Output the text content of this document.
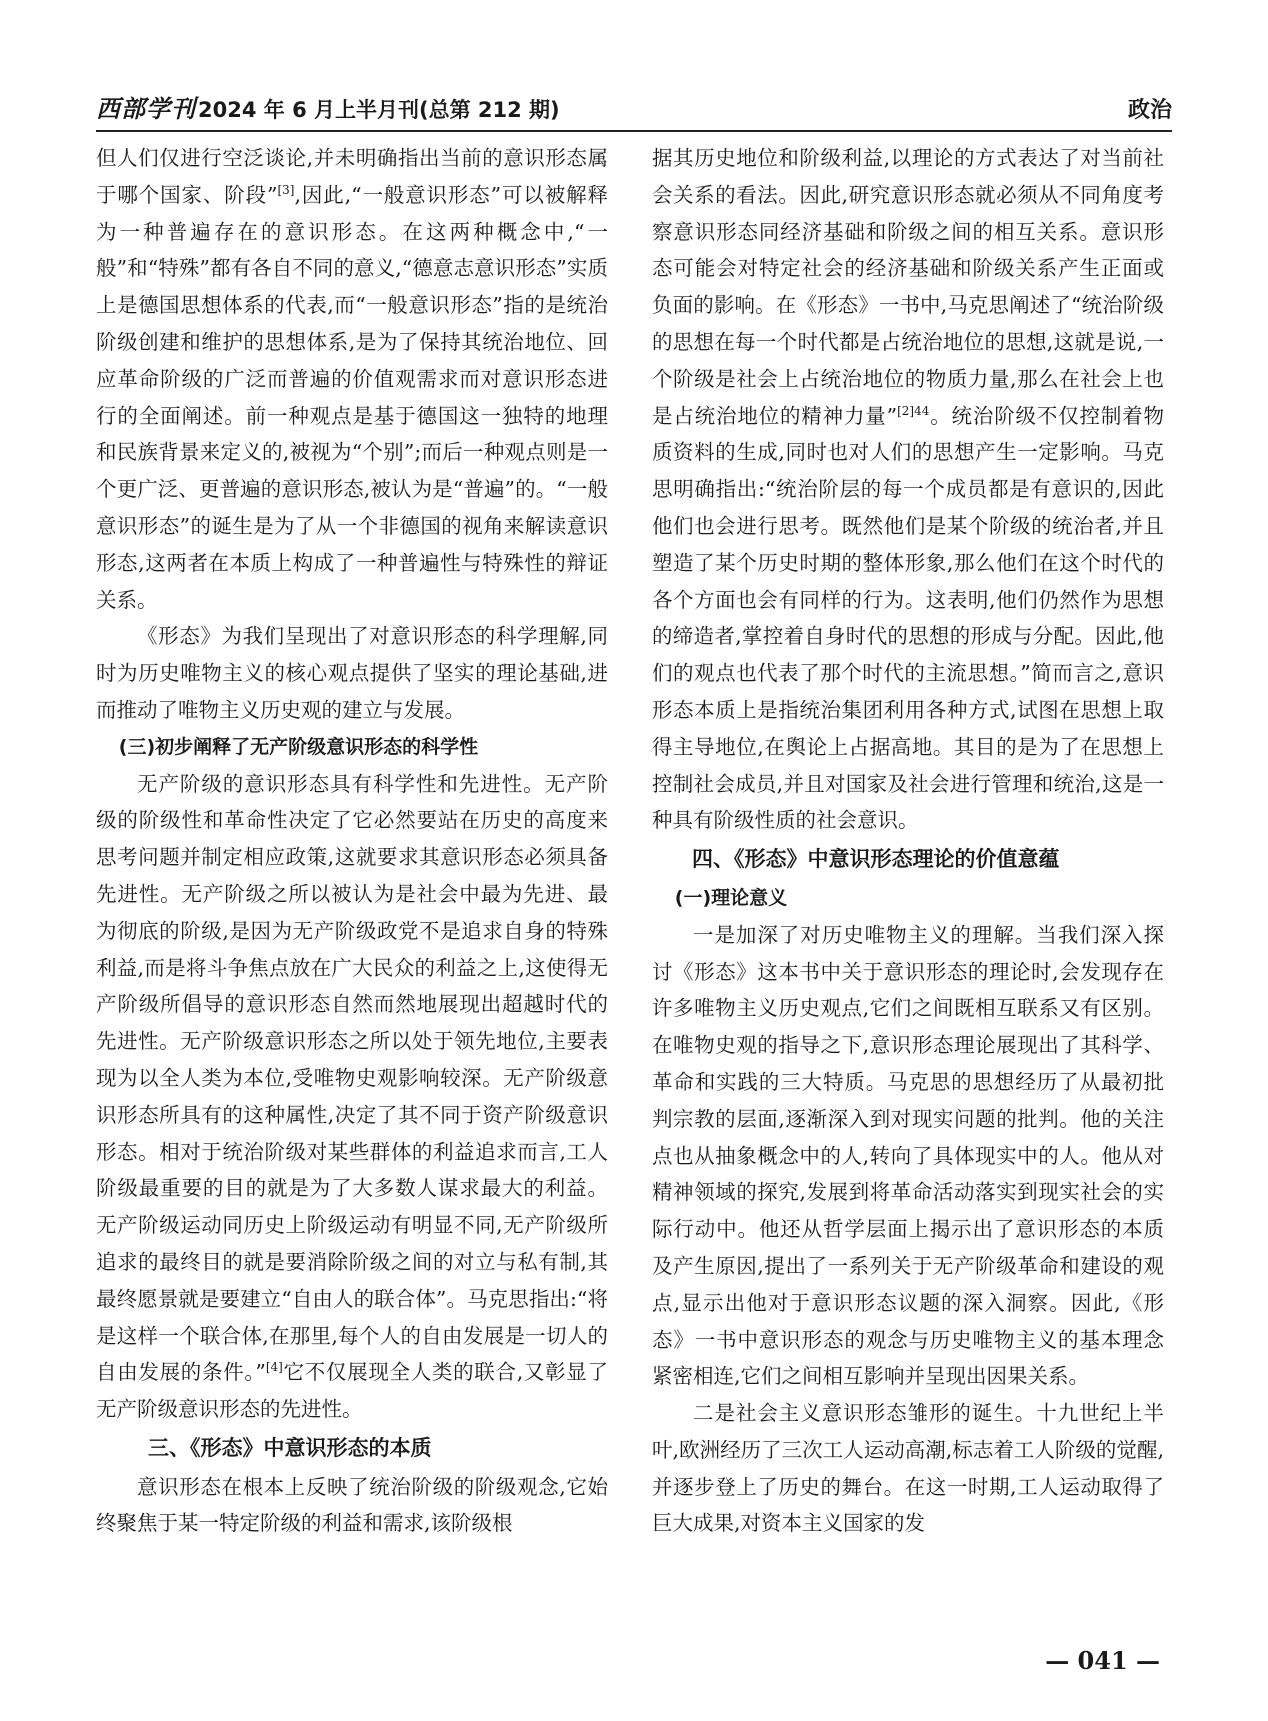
西部学刊 2024 年 6 月上半月刊(总第 212 期)	政治

但人们仅进行空泛谈论,并未明确指出当前的意识形态属于哪个国家、阶段”[3],因此,“一般意识形态”可以被解释为一种普遍存在的意识形态。在这两种概念中,“一般”和“特殊”都有各自不同的意义,“德意志意识形态”实质上是德国思想体系的代表,而“一般意识形态”指的是统治阶级创建和维护的思想体系,是为了保持其统治地位、回应革命阶级的广泛而普遍的价值观需求而对意识形态进行的全面阐述。前一种观点是基于德国这一独特的地理和民族背景来定义的,被视为“个别”;而后一种观点则是一个更广泛、更普遍的意识形态,被认为是“普遍”的。“一般意识形态”的诞生是为了从一个非德国的视角来解读意识形态,这两者在本质上构成了一种普遍性与特殊性的辩证关系。

《形态》为我们呈现出了对意识形态的科学理解,同时为历史唯物主义的核心观点提供了坚实的理论基础,进而推动了唯物主义历史观的建立与发展。

(三)初步阐释了无产阶级意识形态的科学性

无产阶级的意识形态具有科学性和先进性。无产阶级的阶级性和革命性决定了它必然要站在历史的高度来思考问题并制定相应政策,这就要求其意识形态必须具备先进性。无产阶级之所以被认为是社会中最为先进、最为彻底的阶级,是因为无产阶级政党不是追求自身的特殊利益,而是将斗争焦点放在广大民众的利益之上,这使得无产阶级所倡导的意识形态自然而然地展现出超越时代的先进性。无产阶级意识形态之所以处于领先地位,主要表现为以全人类为本位,受唯物史观影响较深。无产阶级意识形态所具有的这种属性,决定了其不同于资产阶级意识形态。相对于统治阶级对某些群体的利益追求而言,工人阶级最重要的目的就是为了大多数人谋求最大的利益。无产阶级运动同历史上阶级运动有明显不同,无产阶级所追求的最终目的就是要消除阶级之间的对立与私有制,其最终愿景就是要建立“自由人的联合体”。马克思指出:“将是这样一个联合体,在那里,每个人的自由发展是一切人的自由发展的条件。”[4]它不仅展现全人类的联合,又彰显了无产阶级意识形态的先进性。

三、《形态》中意识形态的本质

意识形态在根本上反映了统治阶级的阶级观念,它始终聚焦于某一特定阶级的利益和需求,该阶级根

据其历史地位和阶级利益,以理论的方式表达了对当前社会关系的看法。因此,研究意识形态就必须从不同角度考察意识形态同经济基础和阶级之间的相互关系。意识形态可能会对特定社会的经济基础和阶级关系产生正面或负面的影响。在《形态》一书中,马克思阐述了“统治阶级的思想在每一个时代都是占统治地位的思想,这就是说,一个阶级是社会上占统治地位的物质力量,那么在社会上也是占统治地位的精神力量”$^{[2]44}$。统治阶级不仅控制着物质资料的生成,同时也对人们的思想产生一定影响。马克思明确指出:“统治阶层的每一个成员都是有意识的,因此他们也会进行思考。既然他们是某个阶级的统治者,并且塑造了某个历史时期的整体形象,那么他们在这个时代的各个方面也会有同样的行为。这表明,他们仍然作为思想的缔造者,掌控着自身时代的思想的形成与分配。因此,他们的观点也代表了那个时代的主流思想。”简而言之,意识形态本质上是指统治集团利用各种方式,试图在思想上取得主导地位,在舆论上占据高地。其目的是为了在思想上控制社会成员,并且对国家及社会进行管理和统治,这是一种具有阶级性质的社会意识。

四、《形态》中意识形态理论的价值意蕴
(一)理论意义

一是加深了对历史唯物主义的理解。当我们深入探讨《形态》这本书中关于意识形态的理论时,会发现存在许多唯物主义历史观点,它们之间既相互联系又有区别。在唯物史观的指导之下,意识形态理论展现出了其科学、革命和实践的三大特质。马克思的思想经历了从最初批判宗教的层面,逐渐深入到对现实问题的批判。他的关注点也从抽象概念中的人,转向了具体现实中的人。他从对精神领域的探究,发展到将革命活动落实到现实社会的实际行动中。他还从哲学层面上揭示出了意识形态的本质及产生原因,提出了一系列关于无产阶级革命和建设的观点,显示出他对于意识形态议题的深入洞察。因此,《形态》一书中意识形态的观念与历史唯物主义的基本理念紧密相连,它们之间相互影响并呈现出因果关系。

二是社会主义意识形态雏形的诞生。十九世纪上半叶,欧洲经历了三次工人运动高潮,标志着工人阶级的觉醒,并逐步登上了历史的舞台。在这一时期,工人运动取得了巨大成果,对资本主义国家的发

— 041 —
